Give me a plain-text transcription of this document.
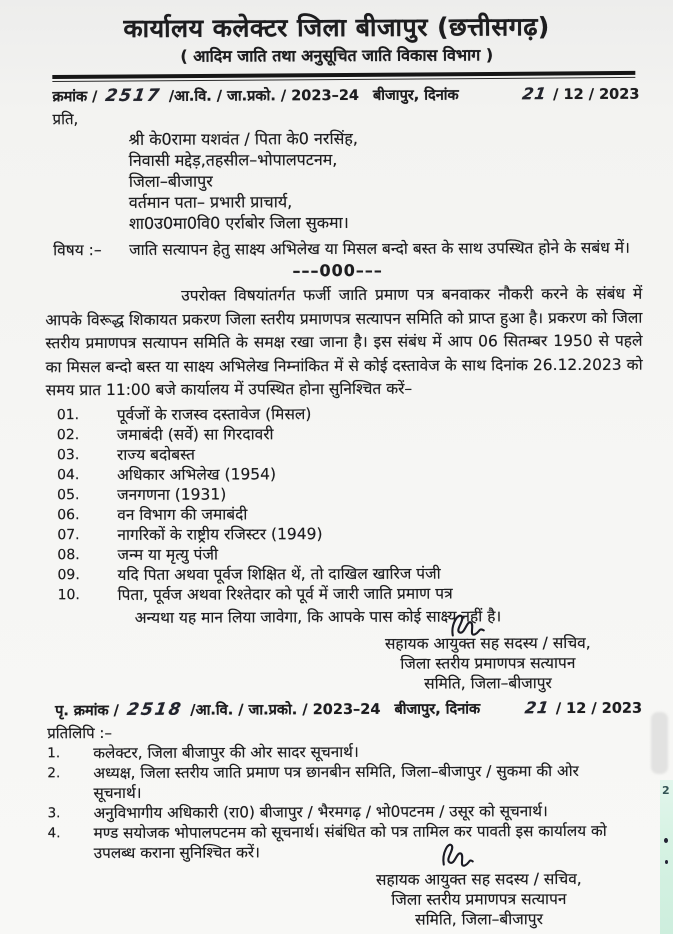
कार्यालय कलेक्टर जिला बीजापुर (छत्तीसगढ़)
( आदिम जाति तथा अनुसूचित जाति विकास विभाग )
क्रमांक / 2517 /आ.वि. / जा.प्रको. / 2023–24 बीजापुर, दिनांक	21 / 12 / 2023
प्रति,
श्री के0रामा यशवंत / पिता के0 नरसिंह,
निवासी मद्देड़,तहसील–भोपालपटनम,
जिला–बीजापुर
वर्तमान पता– प्रभारी प्राचार्य,
शा0उ0मा0वि0 एर्राबोर जिला सुकमा।
विषय :–	जाति सत्यापन हेतु साक्ष्य अभिलेख या मिसल बन्दो बस्त के साथ उपस्थित होने के सबंध में।
–––000–––
उपरोक्त विषयांतर्गत फर्जी जाति प्रमाण पत्र बनवाकर नौकरी करने के संबंध में आपके विरूद्ध शिकायत प्रकरण जिला स्तरीय प्रमाणपत्र सत्यापन समिति को प्राप्त हुआ है। प्रकरण को जिला स्तरीय प्रमाणपत्र सत्यापन समिति के समक्ष रखा जाना है। इस संबंध में आप 06 सितम्बर 1950 से पहले का मिसल बन्दो बस्त या साक्ष्य अभिलेख निम्नांकित में से कोई दस्तावेज के साथ दिनांक 26.12.2023 को समय प्रात 11:00 बजे कार्यालय में उपस्थित होना सुनिश्चित करें–
01.	पूर्वजों के राजस्व दस्तावेज (मिसल)
02.	जमाबंदी (सर्वे) सा गिरदावरी
03.	राज्य बदोबस्त
04.	अधिकार अभिलेख (1954)
05.	जनगणना (1931)
06.	वन विभाग की जमाबंदी
07.	नागरिकों के राष्ट्रीय रजिस्टर (1949)
08.	जन्म या मृत्यु पंजी
09.	यदि पिता अथवा पूर्वज शिक्षित थें, तो दाखिल खारिज पंजी
10.	पिता, पूर्वज अथवा रिश्तेदार को पूर्व में जारी जाति प्रमाण पत्र
अन्यथा यह मान लिया जावेगा, कि आपके पास कोई साक्ष्य नहीं है।
सहायक आयुक्त सह सदस्य / सचिव,
जिला स्तरीय प्रमाणपत्र सत्यापन
समिति, जिला–बीजापुर
पृ. क्रमांक / 2518 /आ.वि. / जा.प्रको. / 2023–24 बीजापुर, दिनांक	21 / 12 / 2023
प्रतिलिपि :–
1.	कलेक्टर, जिला बीजापुर की ओर सादर सूचनार्थ।
2.	अध्यक्ष, जिला स्तरीय जाति प्रमाण पत्र छानबीन समिति, जिला–बीजापुर / सुकमा की ओर सूचनार्थ।
3.	अनुविभागीय अधिकारी (रा0) बीजापुर / भैरमगढ़ / भो0पटनम / उसूर को सूचनार्थ।
4.	मण्ड सयोजक भोपालपटनम को सूचनार्थ। संबंधित को पत्र तामिल कर पावती इस कार्यालय को उपलब्ध कराना सुनिश्चित करें।
सहायक आयुक्त सह सदस्य / सचिव,
जिला स्तरीय प्रमाणपत्र सत्यापन
समिति, जिला–बीजापुर
2
